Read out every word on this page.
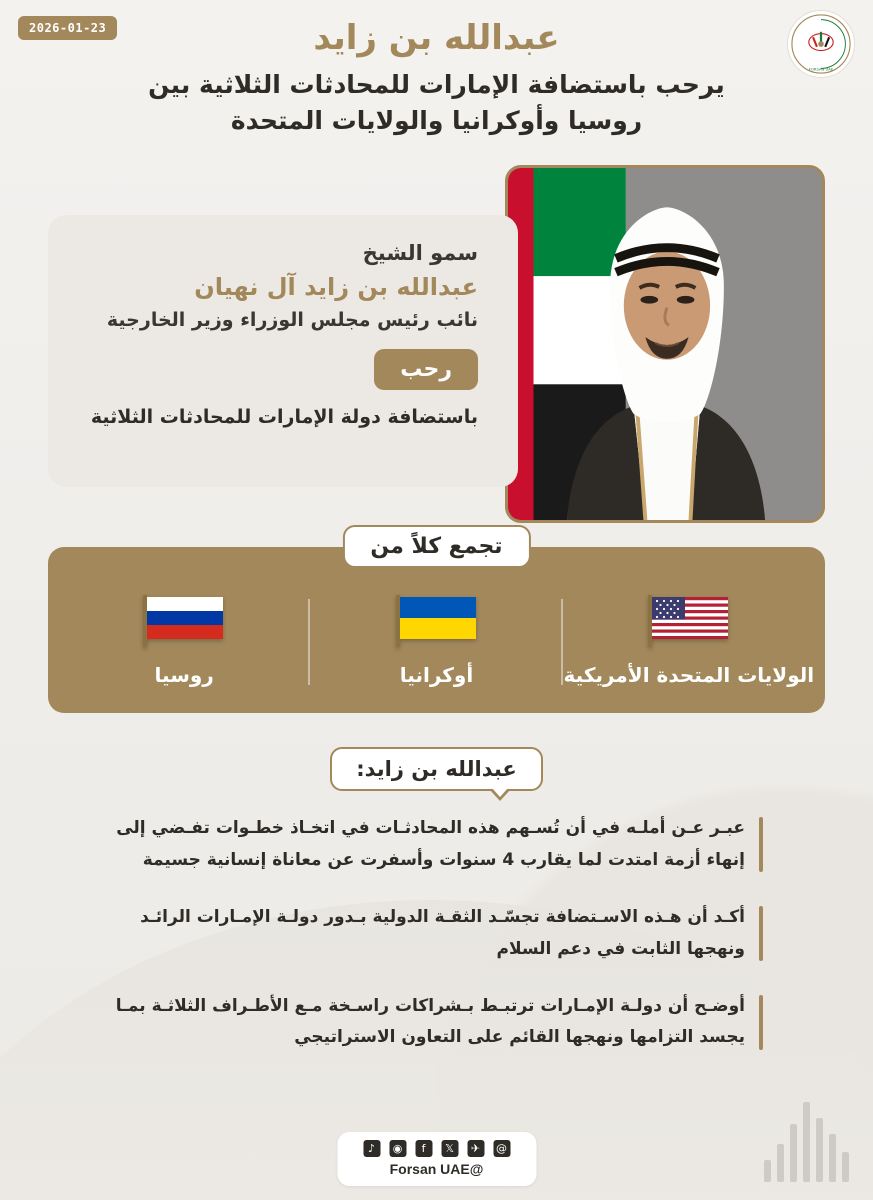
2026-01-23
FORSAN UAE
عبدالله بن زايد
يرحب باستضافة الإمارات للمحادثات الثلاثية بين روسيا وأوكرانيا والولايات المتحدة
سمو الشيخ
عبدالله بن زايد آل نهيان
نائب رئيس مجلس الوزراء وزير الخارجية
رحب
باستضافة دولة الإمارات للمحادثات الثلاثية
تجمع كلاً من
الولايات المتحدة الأمريكية
أوكرانيا
روسيا
عبدالله بن زايد:
عبـر عـن أملـه في أن تُسـهم هذه المحادثـات في اتخـاذ خطـوات تفـضي إلى إنهاء أزمة امتدت لما يقارب 4 سنوات وأسفرت عن معاناة إنسانية جسيمة
أكـد أن هـذه الاسـتضافة تجسّـد الثقـة الدولية بـدور دولـة الإمـارات الرائـد ونهجها الثابت في دعم السلام
أوضـح أن دولـة الإمـارات ترتبـط بـشراكات راسـخة مـع الأطـراف الثلاثـة بمـا يجسد التزامها ونهجها القائم على التعاون الاستراتيجي
@
✈
𝕏
f
◉
♪
@Forsan UAE
